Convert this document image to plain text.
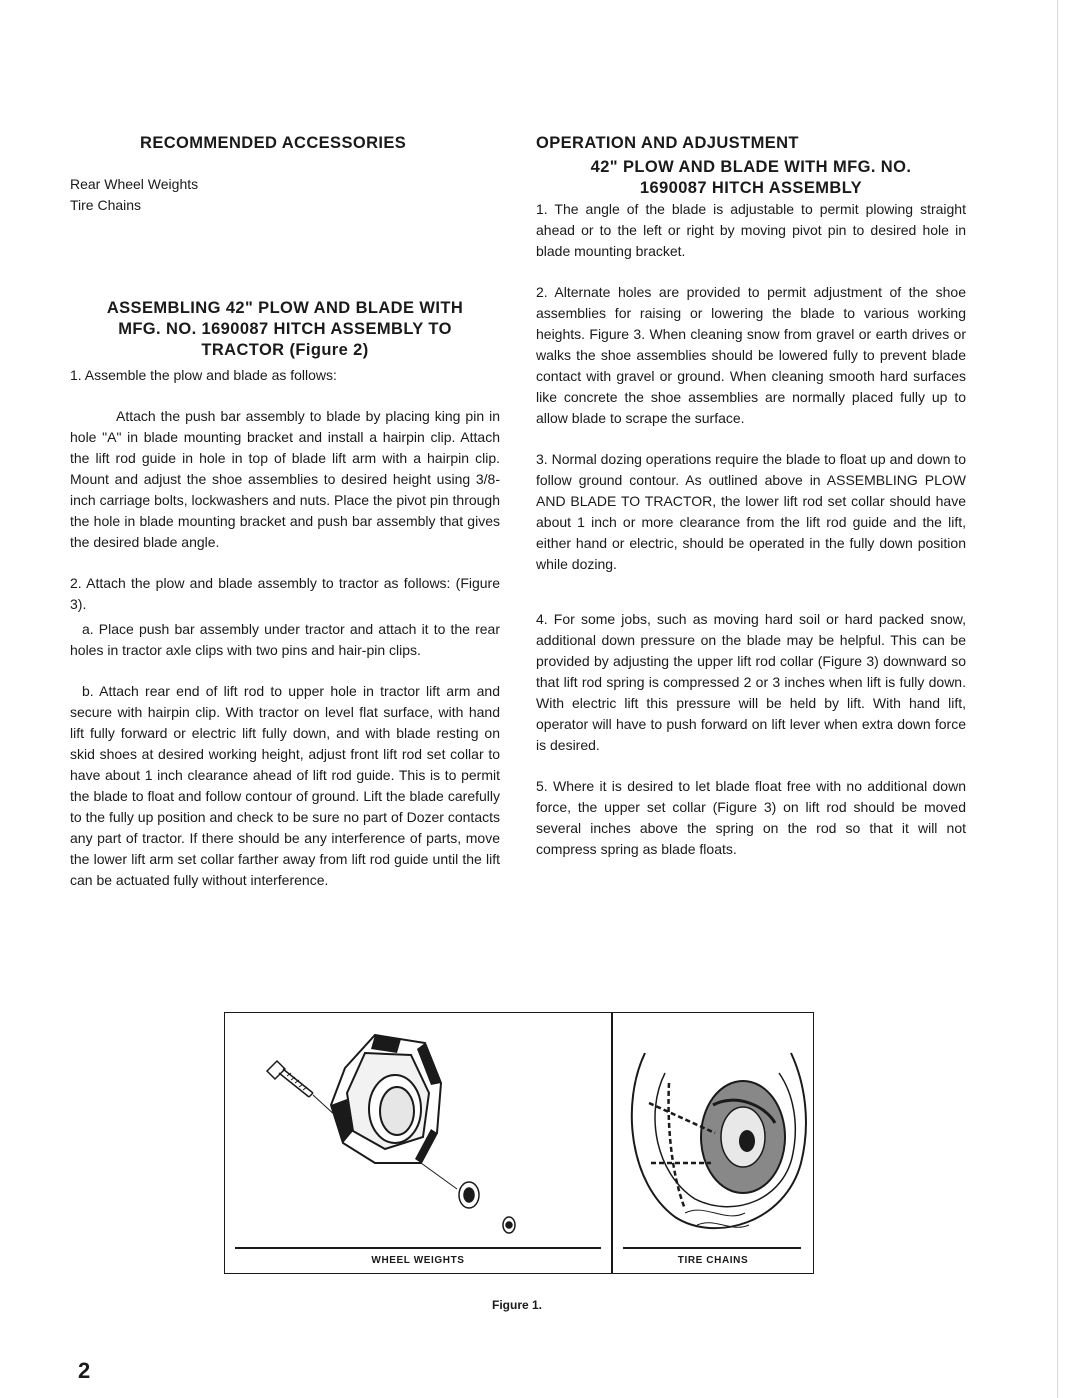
RECOMMENDED ACCESSORIES
Rear Wheel Weights
Tire Chains
ASSEMBLING 42" PLOW AND BLADE WITH
MFG. NO. 1690087 HITCH ASSEMBLY TO
TRACTOR (Figure 2)

1. Assemble the plow and blade as follows:

Attach the push bar assembly to blade by placing king pin in hole "A" in blade mounting bracket and install a hairpin clip. Attach the lift rod guide in hole in top of blade lift arm with a hairpin clip. Mount and adjust the shoe assemblies to desired height using 3/8-inch carriage bolts, lockwashers and nuts. Place the pivot pin through the hole in blade mounting bracket and push bar assembly that gives the desired blade angle.

2. Attach the plow and blade assembly to tractor as follows: (Figure 3).

a. Place push bar assembly under tractor and attach it to the rear holes in tractor axle clips with two pins and hair-pin clips.

b. Attach rear end of lift rod to upper hole in tractor lift arm and secure with hairpin clip. With tractor on level flat surface, with hand lift fully forward or electric lift fully down, and with blade resting on skid shoes at desired working height, adjust front lift rod set collar to have about 1 inch clearance ahead of lift rod guide. This is to permit the blade to float and follow contour of ground. Lift the blade carefully to the fully up position and check to be sure no part of Dozer contacts any part of tractor. If there should be any interference of parts, move the lower lift arm set collar farther away from lift rod guide until the lift can be actuated fully without interference.

OPERATION AND ADJUSTMENT
42" PLOW AND BLADE WITH MFG. NO.
1690087 HITCH ASSEMBLY

1. The angle of the blade is adjustable to permit plowing straight ahead or to the left or right by moving pivot pin to desired hole in blade mounting bracket.

2. Alternate holes are provided to permit adjustment of the shoe assemblies for raising or lowering the blade to various working heights. Figure 3. When cleaning snow from gravel or earth drives or walks the shoe assemblies should be lowered fully to prevent blade contact with gravel or ground. When cleaning smooth hard surfaces like concrete the shoe assemblies are normally placed fully up to allow blade to scrape the surface.

3. Normal dozing operations require the blade to float up and down to follow ground contour. As outlined above in ASSEMBLING PLOW AND BLADE TO TRACTOR, the lower lift rod set collar should have about 1 inch or more clearance from the lift rod guide and the lift, either hand or electric, should be operated in the fully down position while dozing.

4. For some jobs, such as moving hard soil or hard packed snow, additional down pressure on the blade may be helpful. This can be provided by adjusting the upper lift rod collar (Figure 3) downward so that lift rod spring is compressed 2 or 3 inches when lift is fully down. With electric lift this pressure will be held by lift. With hand lift, operator will have to push forward on lift lever when extra down force is desired.

5. Where it is desired to let blade float free with no additional down force, the upper set collar (Figure 3) on lift rod should be moved several inches above the spring on the rod so that it will not compress spring as blade floats.

WHEEL WEIGHTS	TIRE CHAINS
Figure 1.
2
